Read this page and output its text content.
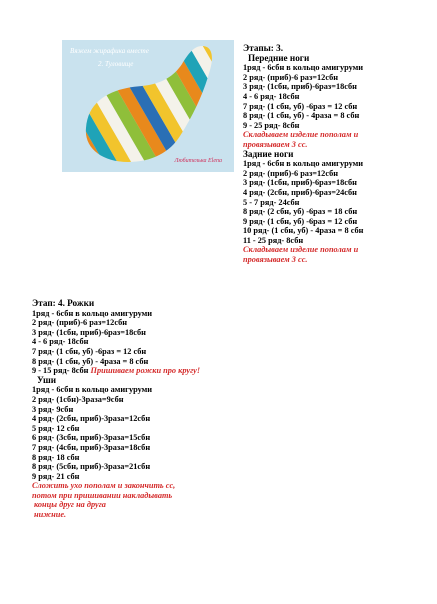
Вяжем жирафика вместе
2. Туловище
Любителька Elena
Этапы: 3.
Передние ноги
1ряд - 6сбн в кольцо амигуруми
2 ряд- (приб)-6 раз=12сбн
3 ряд- (1сбн, приб)-6раз=18сбн
4 - 6 ряд- 18сбн
7 ряд- (1 сбн, уб) -6раз = 12 сбн
8 ряд- (1 сбн, уб) - 4раза = 8 сбн
9 - 25 ряд- 8сбн
Складываем изделие пополам и
провязываем 3 сс.
Задние ноги
1ряд - 6сбн в кольцо амигуруми
2 ряд- (приб)-6 раз=12сбн
3 ряд- (1сбн, приб)-6раз=18сбн
4 ряд- (2сбн, приб)-6раз=24сбн
5 - 7 ряд- 24сбн
8 ряд- (2 сбн, уб) -6раз = 18 сбн
9 ряд- (1 сбн, уб) -6раз = 12 сбн
10 ряд- (1 сбн, уб) - 4раза = 8 сбн
11 - 25 ряд- 8сбн
Складываем изделие пополам и
провязываем 3 сс.
Этап: 4. Рожки
1ряд - 6сбн в кольцо амигуруми
2 ряд- (приб)-6 раз=12сбн
3 ряд- (1сбн, приб)-6раз=18сбн
4 - 6 ряд- 18сбн
7 ряд- (1 сбн, уб) -6раз = 12 сбн
8 ряд- (1 сбн, уб) - 4раза = 8 сбн
9 - 15 ряд- 8сбн Пришиваем рожки про кругу!
Уши
1ряд - 6сбн в кольцо амигуруми
2 ряд- (1сбн)-3раза=9сбн
3 ряд- 9сбн
4 ряд- (2сбн, приб)-3раза=12сбн
5 ряд- 12 сбн
6 ряд- (3сбн, приб)-3раза=15сбн
7 ряд- (4сбн, приб)-3раза=18сбн
8 ряд- 18 сбн
8 ряд- (5сбн, приб)-3раза=21сбн
9 ряд- 21 сбн
Сложить ухо пополам и закончить сс,
потом при пришивании накладывать
концы друг на друга
нижние.
